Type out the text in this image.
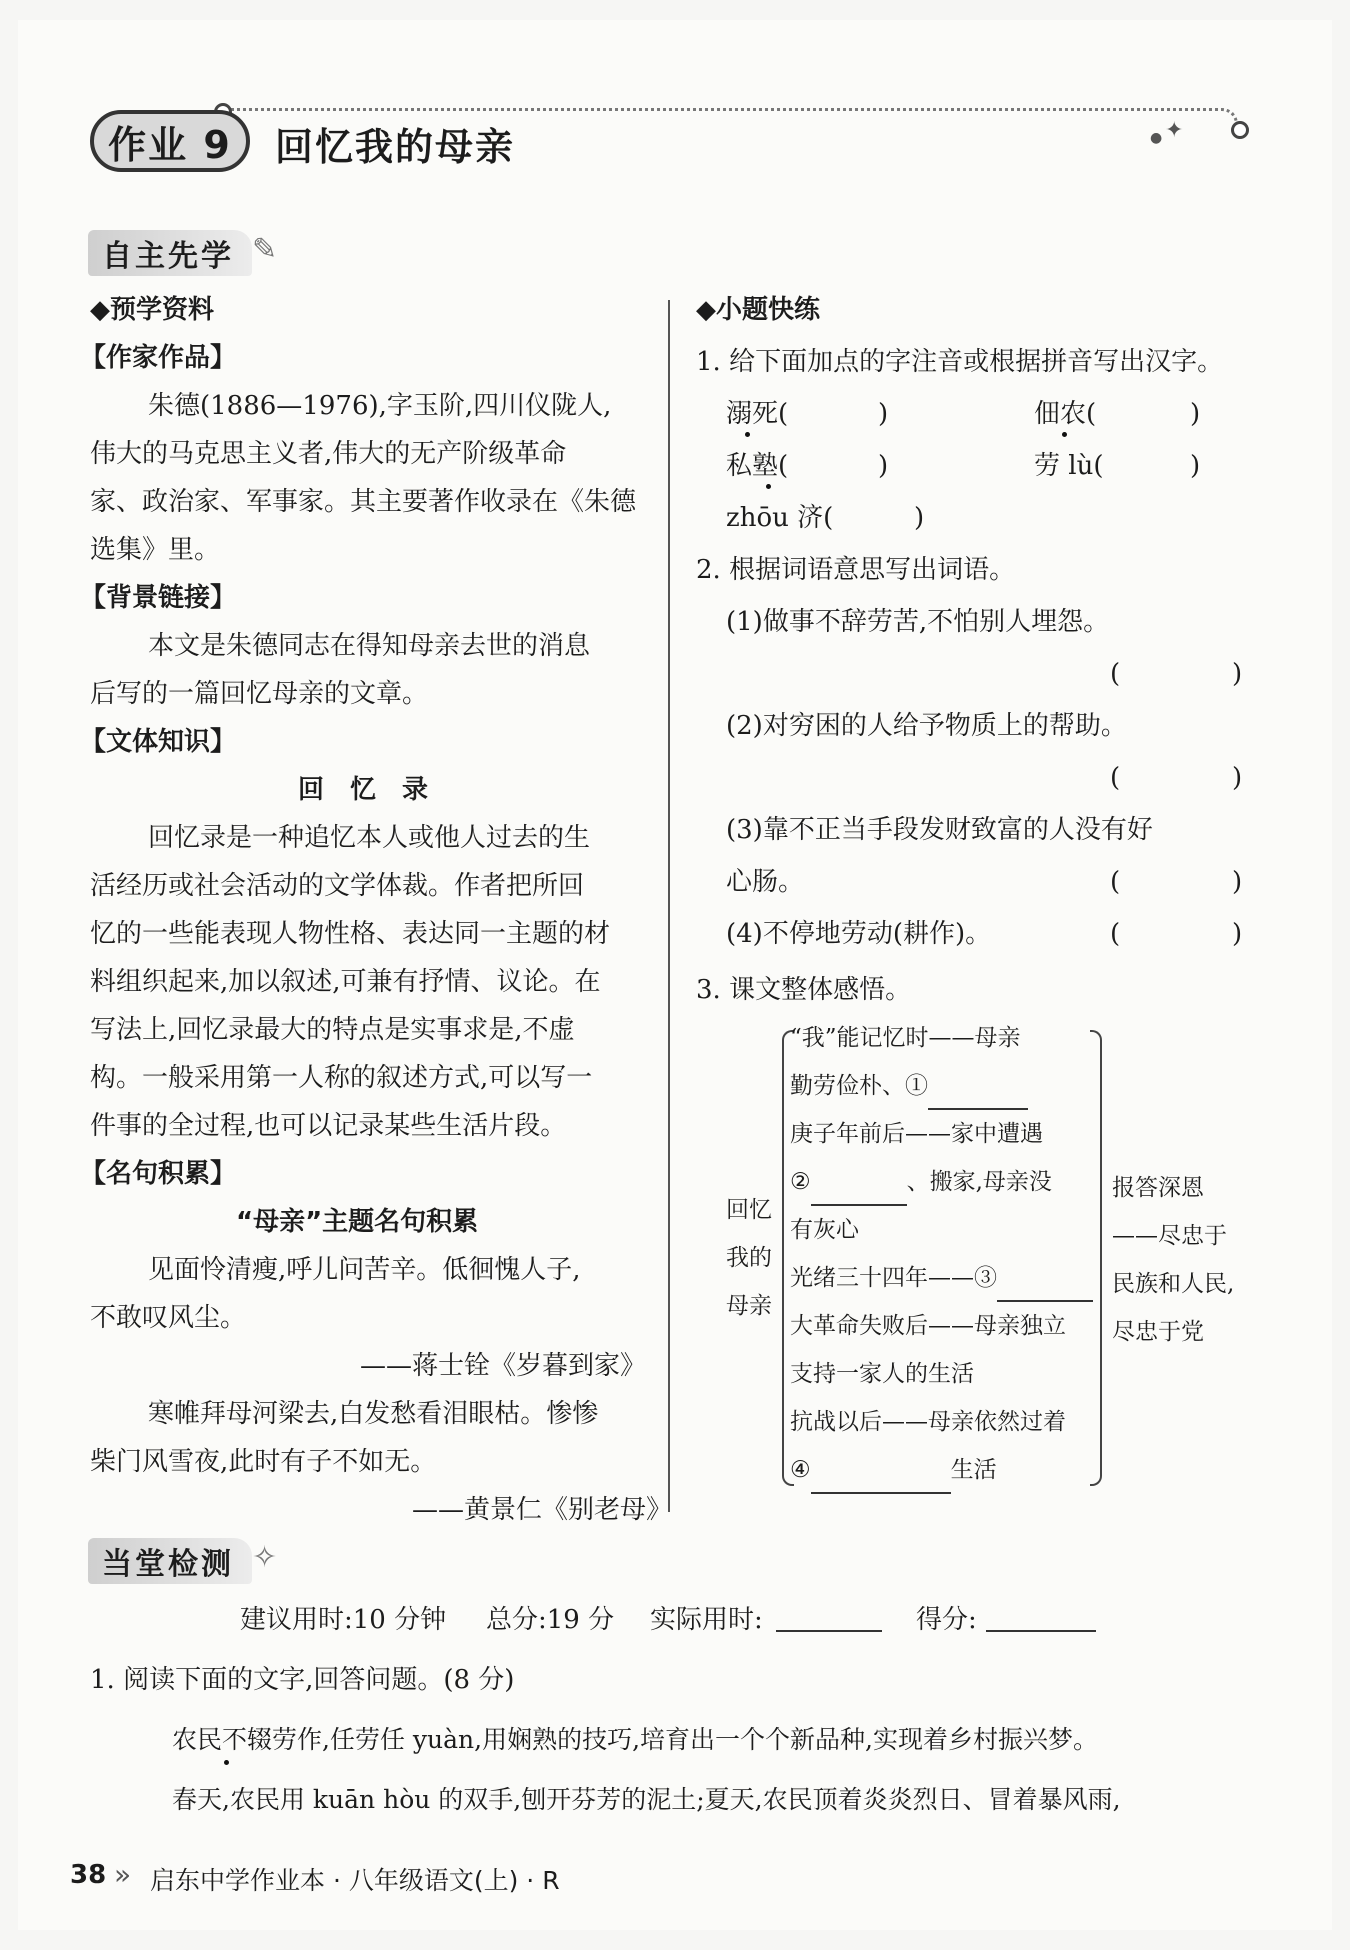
✦
●
作业 9	回忆我的母亲
自主先学 ✎
◆预学资料
【作家作品】
朱德(1886—1976),字玉阶,四川仪陇人,
伟大的马克思主义者,伟大的无产阶级革命
家、政治家、军事家。其主要著作收录在《朱德
选集》里。
【背景链接】
本文是朱德同志在得知母亲去世的消息
后写的一篇回忆母亲的文章。
【文体知识】
回　忆　录
回忆录是一种追忆本人或他人过去的生
活经历或社会活动的文学体裁。作者把所回
忆的一些能表现人物性格、表达同一主题的材
料组织起来,加以叙述,可兼有抒情、议论。在
写法上,回忆录最大的特点是实事求是,不虚
构。一般采用第一人称的叙述方式,可以写一
件事的全过程,也可以记录某些生活片段。
【名句积累】
“母亲”主题名句积累
见面怜清瘦,呼儿问苦辛。低徊愧人子,
不敢叹风尘。
——蒋士铨《岁暮到家》
寒帷拜母河梁去,白发愁看泪眼枯。惨惨
柴门风雪夜,此时有子不如无。
——黄景仁《别老母》
◆小题快练
1. 给下面加点的字注音或根据拼音写出汉字。
溺死(	)	佃农(	)
私塾(	)	劳 lù(	)
zhōu 济(	)
2. 根据词语意思写出词语。
(1)做事不辞劳苦,不怕别人埋怨。
(	)
(2)对穷困的人给予物质上的帮助。
(	)
(3)靠不正当手段发财致富的人没有好
心肠。	(	)
(4)不停地劳动(耕作)。	(	)
3. 课文整体感悟。
回忆
我的
母亲
“我”能记忆时——母亲
勤劳俭朴、①
庚子年前后——家中遭遇
②	、搬家,母亲没
有灰心
光绪三十四年——③
大革命失败后——母亲独立
支持一家人的生活
抗战以后——母亲依然过着
④	生活
报答深恩
——尽忠于
民族和人民,
尽忠于党
当堂检测 ✧
建议用时:10 分钟 总分:19 分 实际用时:	得分:
1. 阅读下面的文字,回答问题。(8 分)
农民不辍劳作,任劳任 yuàn,用娴熟的技巧,培育出一个个新品种,实现着乡村振兴梦。
春天,农民用 kuān hòu 的双手,刨开芬芳的泥土;夏天,农民顶着炎炎烈日、冒着暴风雨,
38 » 启东中学作业本 · 八年级语文(上) · R
